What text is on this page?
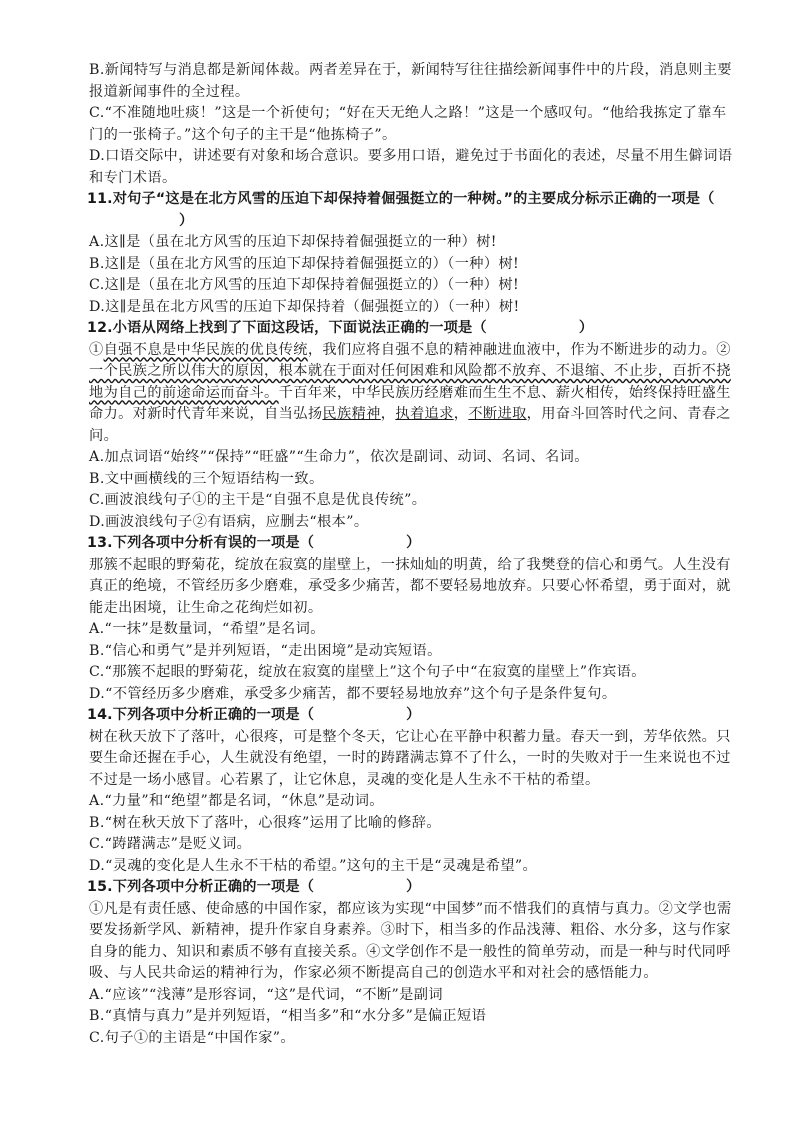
B.新闻特写与消息都是新闻体裁。两者差异在于，新闻特写往往描绘新闻事件中的片段，消息则主要报道新闻事件的全过程。

C.“不准随地吐痰！”这是一个祈使句；“好在天无绝人之路！”这是一个感叹句。“他给我拣定了靠车门的一张椅子。”这个句子的主干是“他拣椅子”。

D.口语交际中，讲述要有对象和场合意识。要多用口语，避免过于书面化的表述，尽量不用生僻词语和专门术语。

11.对句子“这是在北方风雪的压迫下却保持着倔强挺立的一种树。”的主要成分标示正确的一项是（）

A.这∥是（虽在北方风雪的压迫下却保持着倔强挺立的一种）树!

B.这∥是（虽在北方风雪的压迫下却保持着倔强挺立的）（一种）树!

C.这∥是（虽在北方风雪的压迫下却保持着倔强挺立的）（一种）树!

D.这∥是虽在北方风雪的压迫下却保持着（倔强挺立的）（一种）树!

12.小语从网络上找到了下面这段话，下面说法正确的一项是（	）

①自强不息是中华民族的优良传统，我们应将自强不息的精神融进血液中，作为不断进步的动力。②一个民族之所以伟大的原因，根本就在于面对任何困难和风险都不放弃、不退缩、不止步，百折不挠地为自己的前途命运而奋斗。千百年来，中华民族历经磨难而生生不息、薪火相传，始终保持旺盛生命力。对新时代青年来说，自当弘扬民族精神，执着追求，不断进取，用奋斗回答时代之问、青春之问。

A.加点词语“始终”“保持”“旺盛”“生命力”，依次是副词、动词、名词、名词。

B.文中画横线的三个短语结构一致。

C.画波浪线句子①的主干是“自强不息是优良传统”。

D.画波浪线句子②有语病，应删去“根本”。

13.下列各项中分析有误的一项是（	）

那簇不起眼的野菊花，绽放在寂寞的崖壁上，一抹灿灿的明黄，给了我樊登的信心和勇气。人生没有真正的绝境，不管经历多少磨难，承受多少痛苦，都不要轻易地放弃。只要心怀希望，勇于面对，就能走出困境，让生命之花绚烂如初。

A.“一抹”是数量词，“希望”是名词。

B.“信心和勇气”是并列短语，“走出困境”是动宾短语。

C.“那簇不起眼的野菊花，绽放在寂寞的崖壁上”这个句子中“在寂寞的崖壁上”作宾语。

D.“不管经历多少磨难，承受多少痛苦，都不要轻易地放弃”这个句子是条件复句。

14.下列各项中分析正确的一项是（	）

树在秋天放下了落叶，心很疼，可是整个冬天，它让心在平静中积蓄力量。春天一到，芳华依然。只要生命还握在手心，人生就没有绝望，一时的踌躇满志算不了什么，一时的失败对于一生来说也不过不过是一场小感冒。心若累了，让它休息，灵魂的变化是人生永不干枯的希望。

A.“力量”和“绝望”都是名词，“休息”是动词。

B.“树在秋天放下了落叶，心很疼”运用了比喻的修辞。

C.“踌躇满志”是贬义词。

D.“灵魂的变化是人生永不干枯的希望。”这句的主干是“灵魂是希望”。

15.下列各项中分析正确的一项是（	）

①凡是有责任感、使命感的中国作家，都应该为实现“中国梦”而不惜我们的真情与真力。②文学也需要发扬新学风、新精神，提升作家自身素养。③时下，相当多的作品浅薄、粗俗、水分多，这与作家自身的能力、知识和素质不够有直接关系。④文学创作不是一般性的简单劳动，而是一种与时代同呼吸、与人民共命运的精神行为，作家必须不断提高自己的创造水平和对社会的感悟能力。

A.“应该”“浅薄”是形容词，“这”是代词，“不断”是副词

B.“真情与真力”是并列短语，“相当多”和“水分多”是偏正短语

C.句子①的主语是“中国作家”。
